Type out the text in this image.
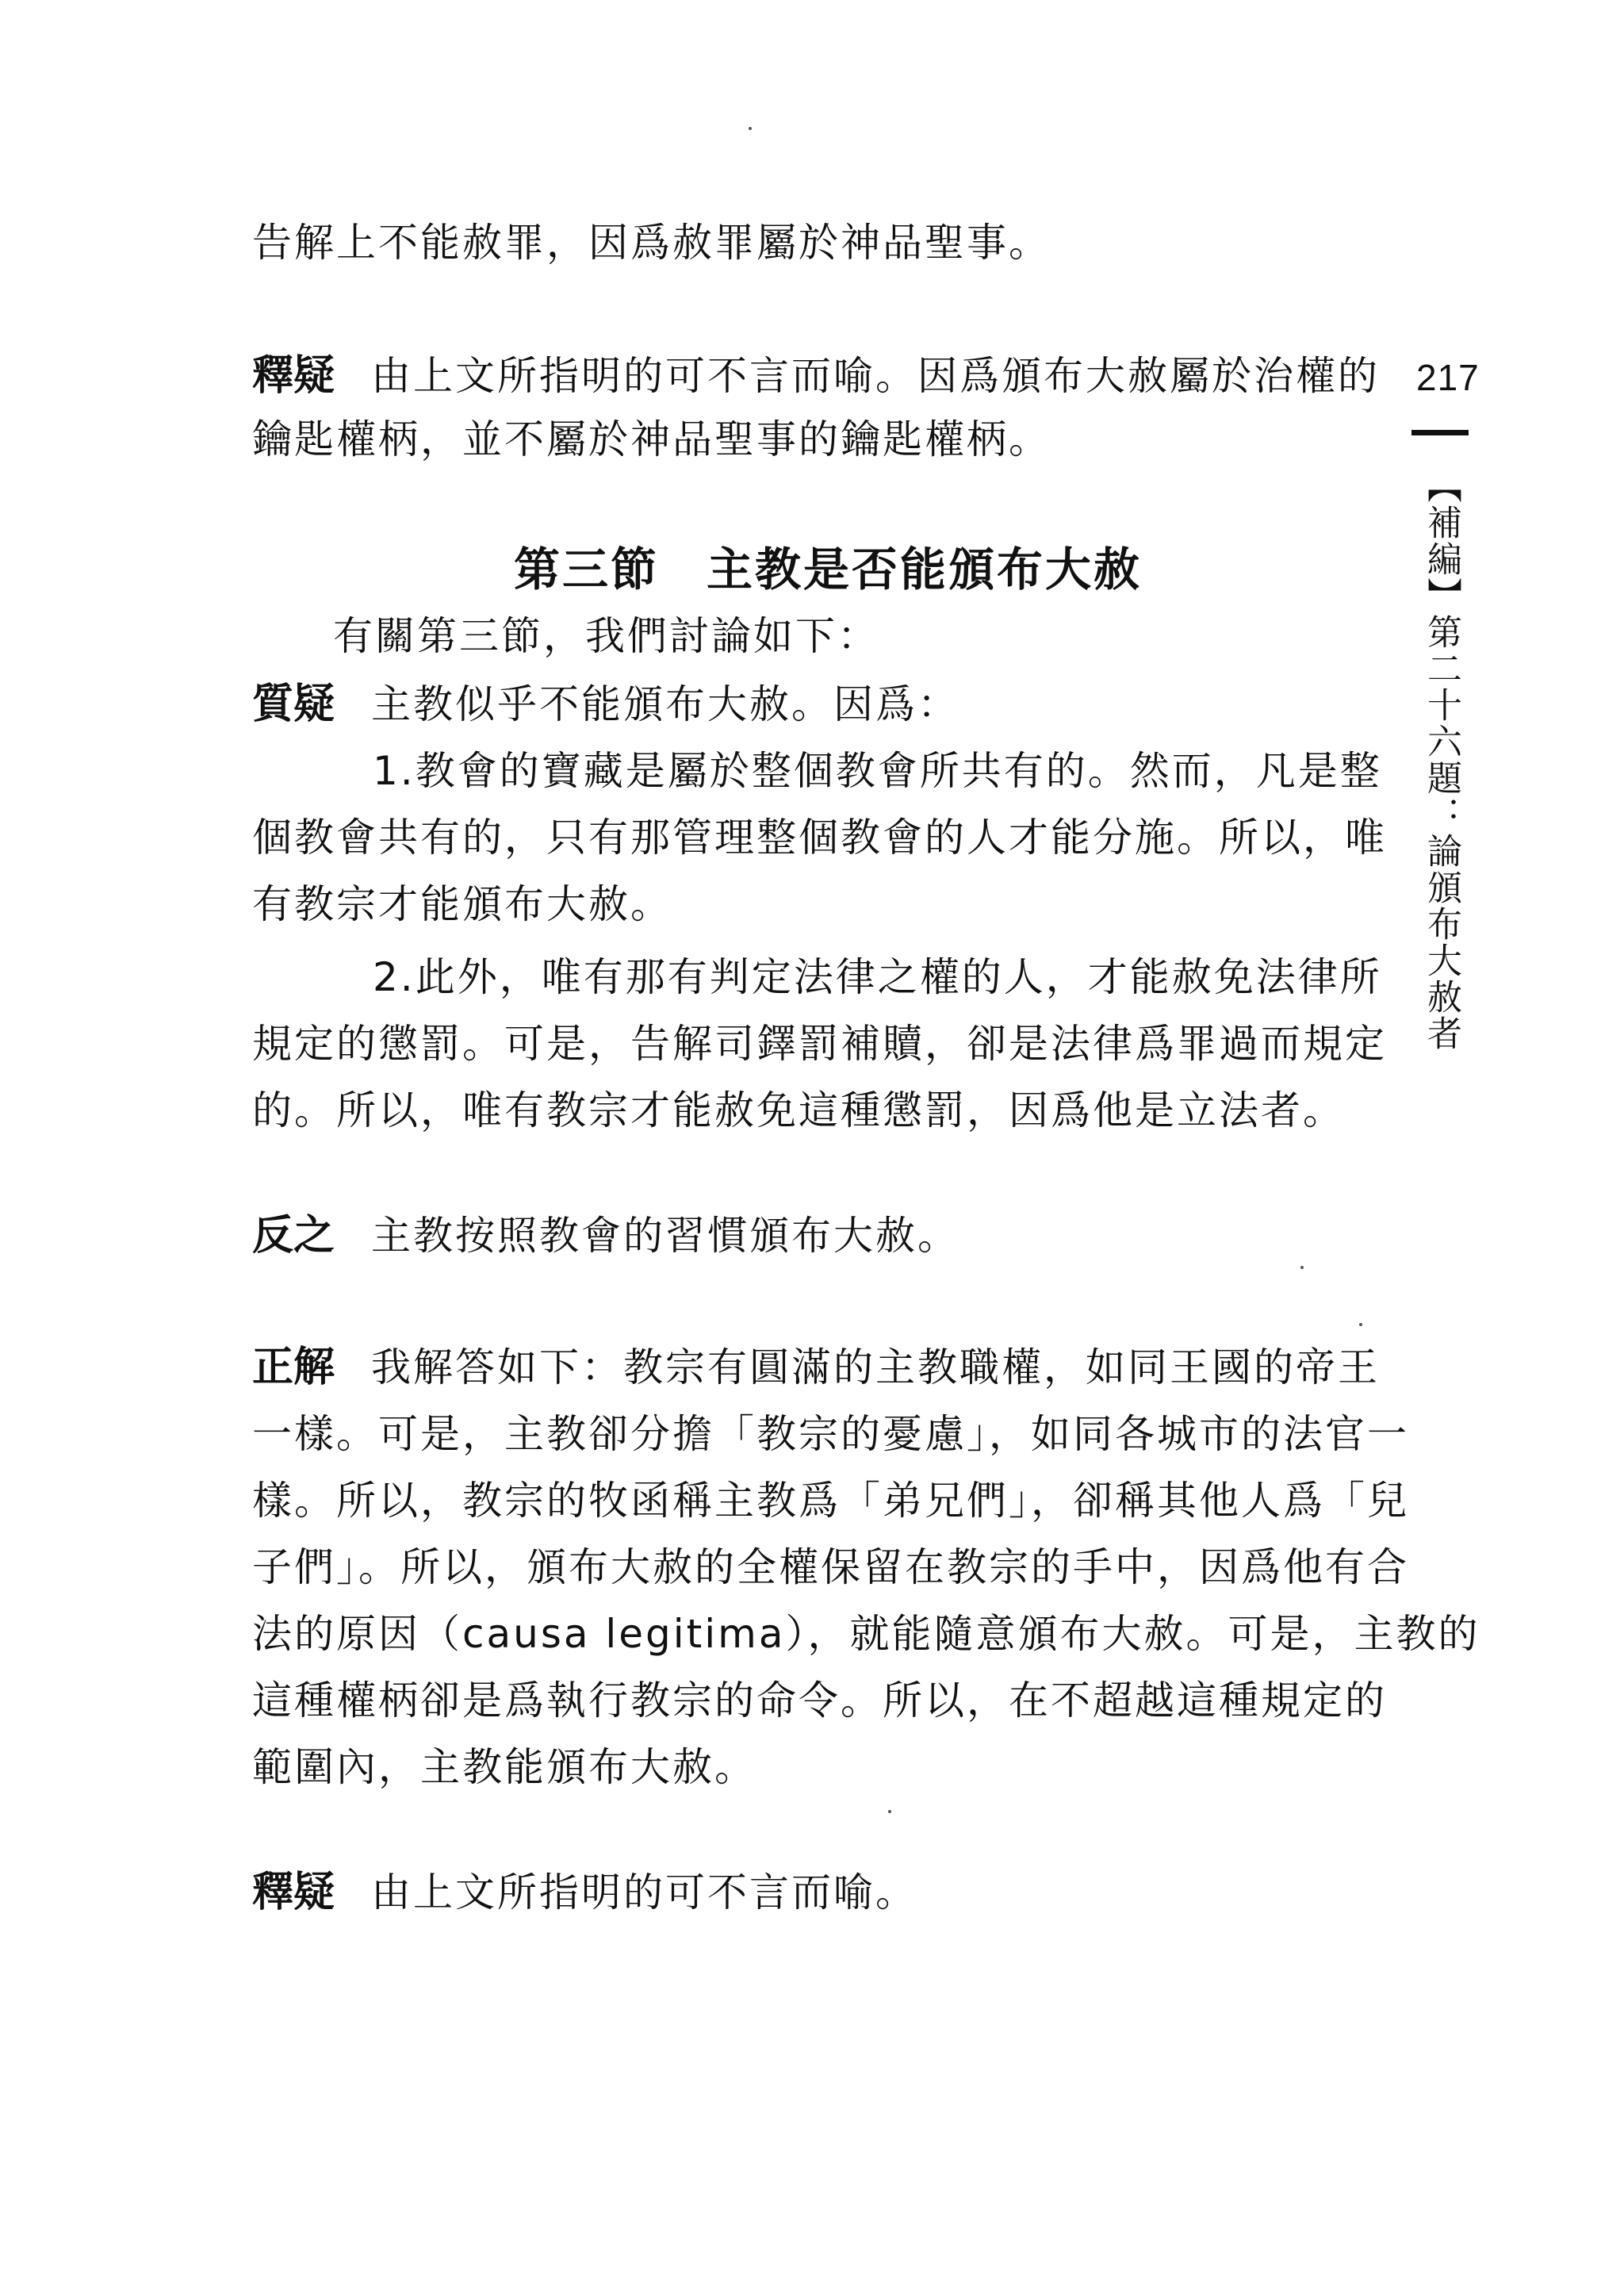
告解上不能赦罪，因爲赦罪屬於神品聖事。
釋疑 由上文所指明的可不言而喻。因爲頒布大赦屬於治權的
鑰匙權柄，並不屬於神品聖事的鑰匙權柄。
第三節 主教是否能頒布大赦
有關第三節，我們討論如下：
質疑 主教似乎不能頒布大赦。因爲：
1.教會的寶藏是屬於整個教會所共有的。然而，凡是整
個教會共有的，只有那管理整個教會的人才能分施。所以，唯
有教宗才能頒布大赦。
2.此外，唯有那有判定法律之權的人，才能赦免法律所
規定的懲罰。可是，告解司鐸罰補贖，卻是法律爲罪過而規定
的。所以，唯有教宗才能赦免這種懲罰，因爲他是立法者。
反之 主教按照教會的習慣頒布大赦。
正解 我解答如下：教宗有圓滿的主教職權，如同王國的帝王
一樣。可是，主教卻分擔「教宗的憂慮」，如同各城市的法官一
樣。所以，教宗的牧函稱主教爲「弟兄們」，卻稱其他人爲「兒
子們」。所以，頒布大赦的全權保留在教宗的手中，因爲他有合
法的原因（causa legitima），就能隨意頒布大赦。可是，主教的
這種權柄卻是爲執行教宗的命令。所以，在不超越這種規定的
範圍內，主教能頒布大赦。
釋疑 由上文所指明的可不言而喻。
217
【補編】第二十六題：論頒布大赦者
